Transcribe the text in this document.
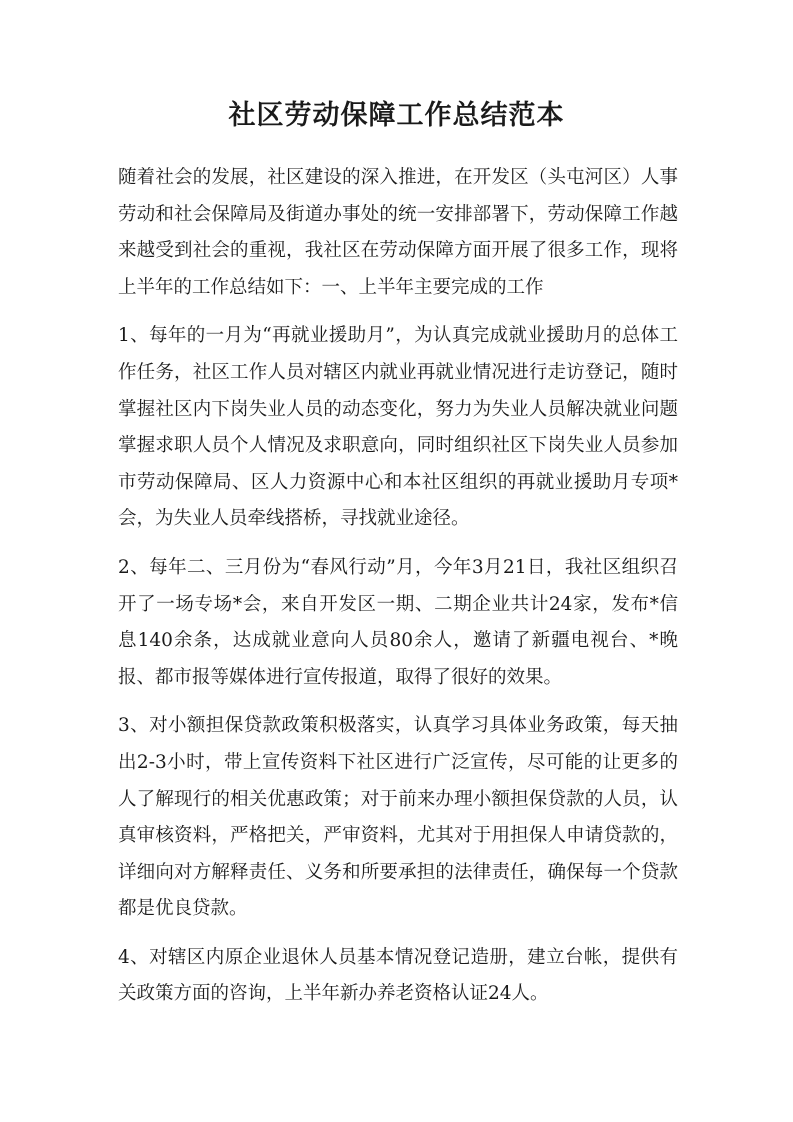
社区劳动保障工作总结范本

随着社会的发展，社区建设的深入推进，在开发区（头屯河区）人事劳动和社会保障局及街道办事处的统一安排部署下，劳动保障工作越来越受到社会的重视，我社区在劳动保障方面开展了很多工作，现将上半年的工作总结如下：一、上半年主要完成的工作

1、每年的一月为“再就业援助月”，为认真完成就业援助月的总体工作任务，社区工作人员对辖区内就业再就业情况进行走访登记，随时掌握社区内下岗失业人员的动态变化，努力为失业人员解决就业问题掌握求职人员个人情况及求职意向，同时组织社区下岗失业人员参加市劳动保障局、区人力资源中心和本社区组织的再就业援助月专项*会，为失业人员牵线搭桥，寻找就业途径。

2、每年二、三月份为“春风行动”月，今年3月21日，我社区组织召开了一场专场*会，来自开发区一期、二期企业共计24家，发布*信息140余条，达成就业意向人员80余人，邀请了新疆电视台、*晚报、都市报等媒体进行宣传报道，取得了很好的效果。

3、对小额担保贷款政策积极落实，认真学习具体业务政策，每天抽出2-3小时，带上宣传资料下社区进行广泛宣传，尽可能的让更多的人了解现行的相关优惠政策；对于前来办理小额担保贷款的人员，认真审核资料，严格把关，严审资料，尤其对于用担保人申请贷款的，详细向对方解释责任、义务和所要承担的法律责任，确保每一个贷款都是优良贷款。

4、对辖区内原企业退休人员基本情况登记造册，建立台帐，提供有关政策方面的咨询，上半年新办养老资格认证24人。
